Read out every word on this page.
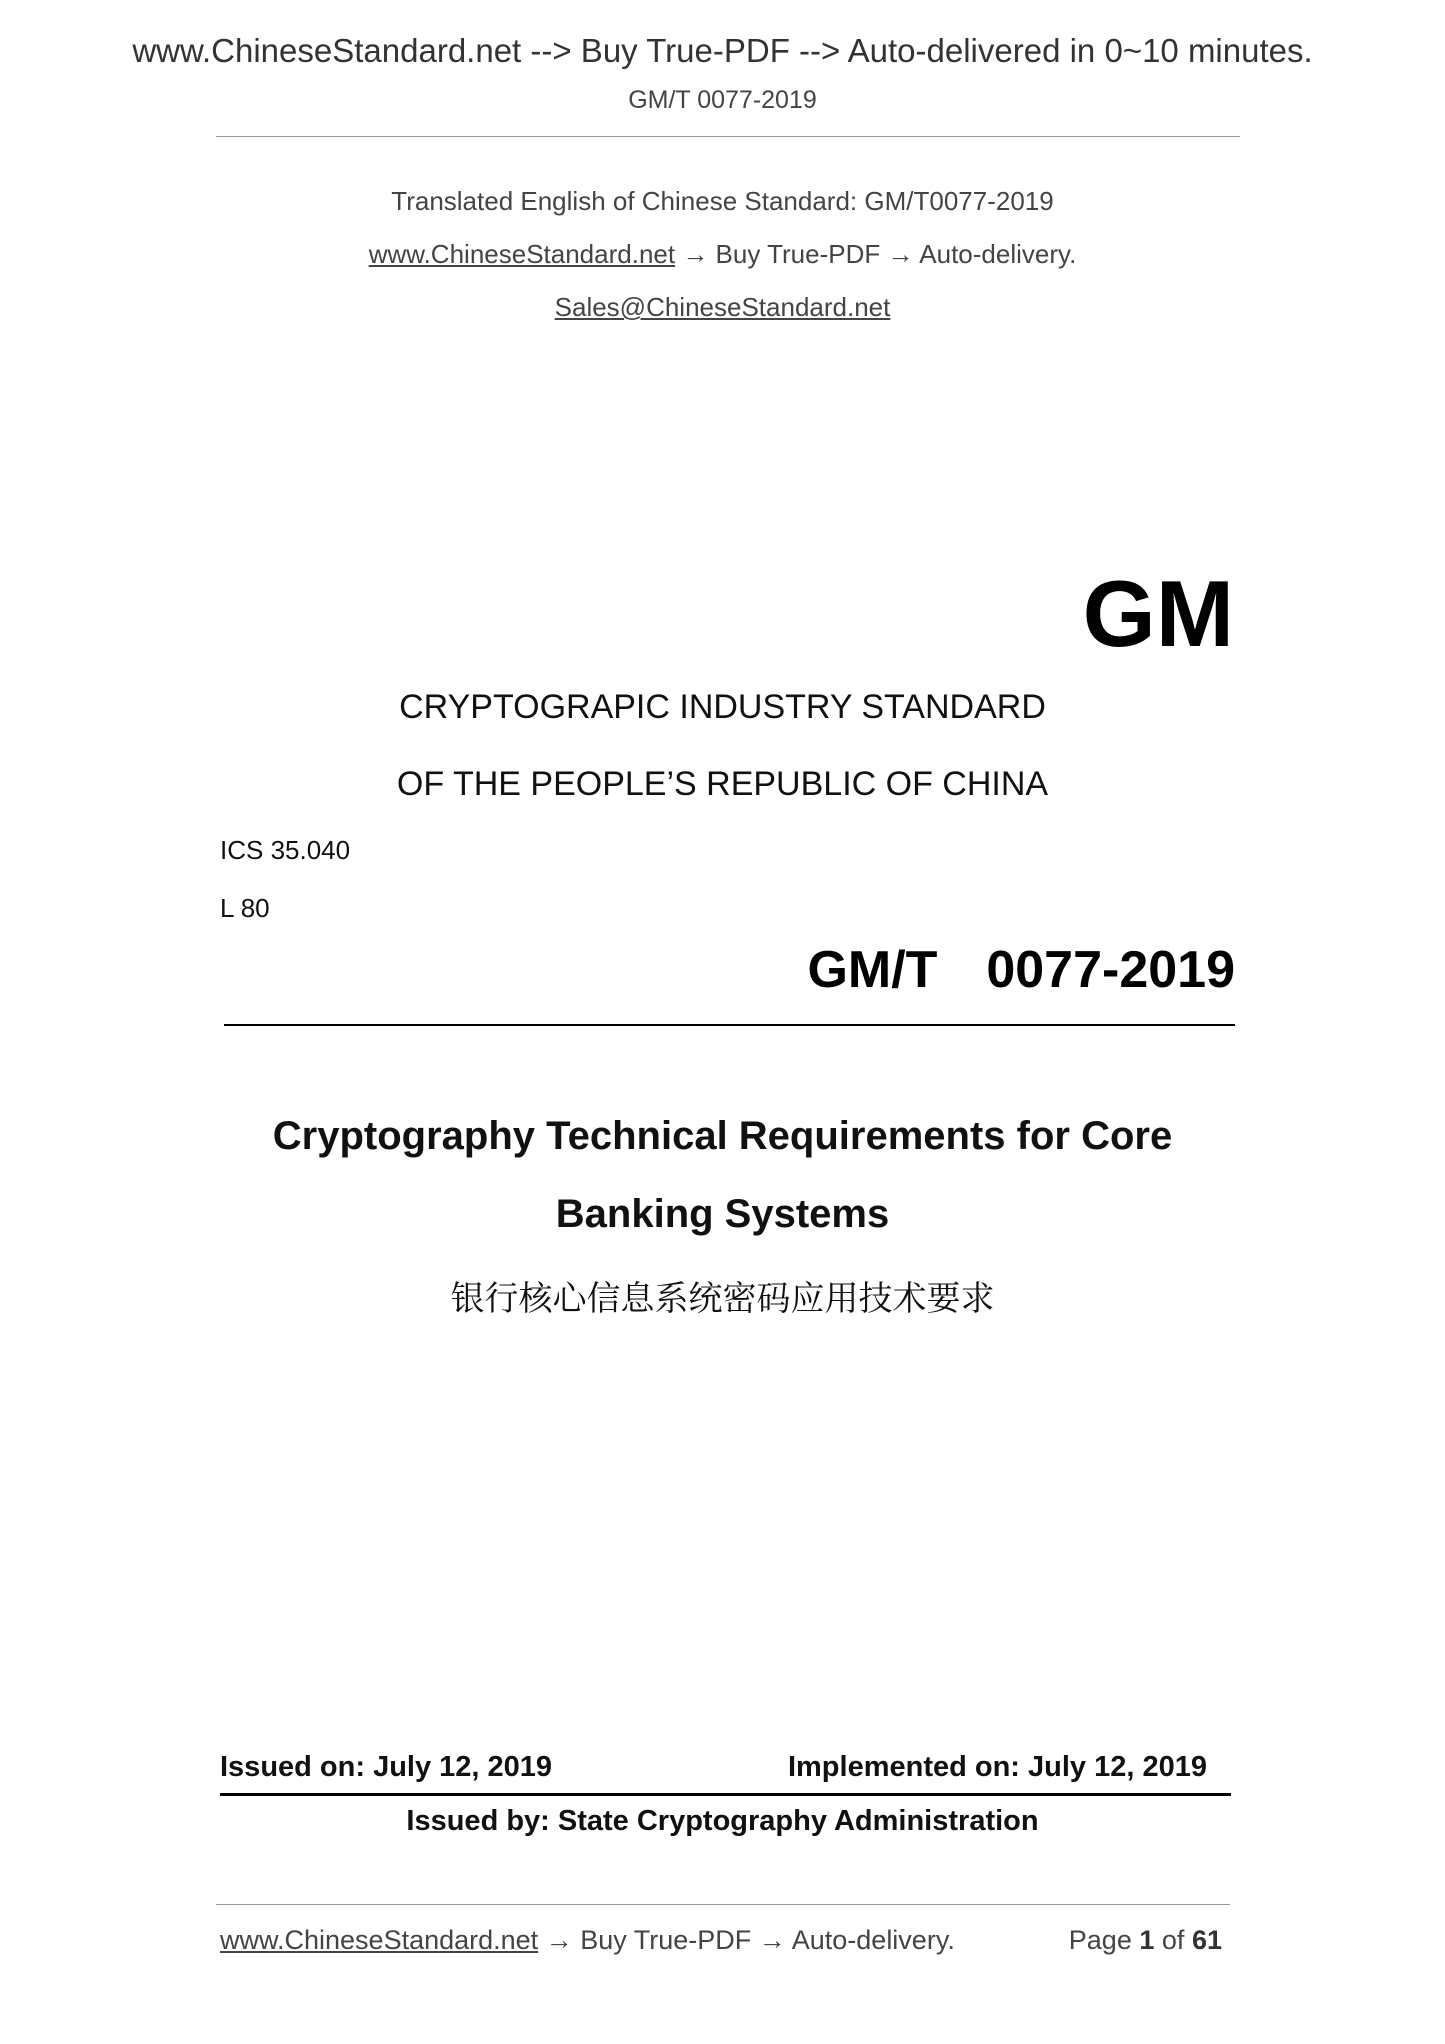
www.ChineseStandard.net --> Buy True-PDF --> Auto-delivered in 0~10 minutes.
GM/T 0077-2019
Translated English of Chinese Standard: GM/T0077-2019
www.ChineseStandard.net → Buy True-PDF → Auto-delivery.
Sales@ChineseStandard.net
GM
CRYPTOGRAPIC INDUSTRY STANDARD
OF THE PEOPLE’S REPUBLIC OF CHINA
ICS 35.040
L 80
GM/T  0077-2019
Cryptography Technical Requirements for Core
Banking Systems
银行核心信息系统密码应用技术要求
Issued on: July 12, 2019	Implemented on: July 12, 2019
Issued by: State Cryptography Administration
www.ChineseStandard.net → Buy True-PDF → Auto-delivery.	Page 1 of 61
